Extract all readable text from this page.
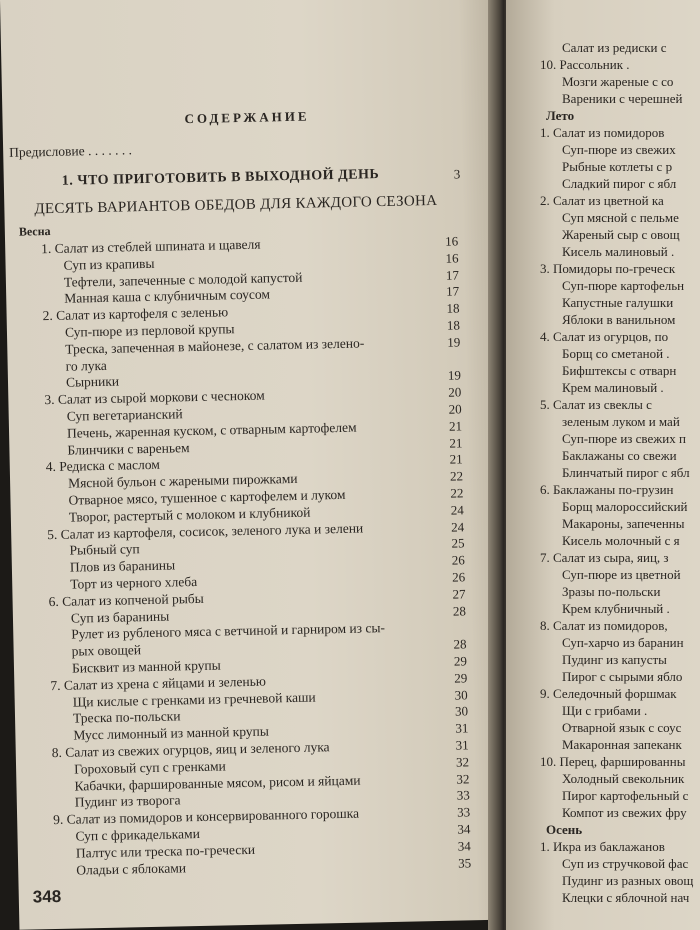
СОДЕРЖАНИЕ
Предисловие . . . . . . .
1. ЧТО ПРИГОТОВИТЬ В ВЫХОДНОЙ ДЕНЬ	3
ДЕСЯТЬ ВАРИАНТОВ ОБЕДОВ ДЛЯ КАЖДОГО СЕЗОНА
Весна
1. Салат из стеблей шпината и щавеля	16
Суп из крапивы	16
Тефтели, запеченные с молодой капустой	17
Манная каша с клубничным соусом	17
2. Салат из картофеля с зеленью	18
Суп-пюре из перловой крупы	18
Треска, запеченная в майонезе, с салатом из зелено-	19
го лука
Сырники	19
3. Салат из сырой моркови с чесноком	20
Суп вегетарианский	20
Печень, жаренная куском, с отварным картофелем	21
Блинчики с вареньем	21
4. Редиска с маслом	21
Мясной бульон с жареными пирожками	22
Отварное мясо, тушенное с картофелем и луком	22
Творог, растертый с молоком и клубникой	24
5. Салат из картофеля, сосисок, зеленого лука и зелени	24
Рыбный суп	25
Плов из баранины	26
Торт из черного хлеба	26
6. Салат из копченой рыбы	27
Суп из баранины	28
Рулет из рубленого мяса с ветчиной и гарниром из сы-
рых овощей	28
Бисквит из манной крупы	29
7. Салат из хрена с яйцами и зеленью	29
Щи кислые с гренками из гречневой каши	30
Треска по-польски	30
Мусс лимонный из манной крупы	31
8. Салат из свежих огурцов, яиц и зеленого лука	31
Гороховый суп с гренками	32
Кабачки, фаршированные мясом, рисом и яйцами	32
Пудинг из творога	33
9. Салат из помидоров и консервированного горошка	33
Суп с фрикадельками	34
Палтус или треска по-гречески	34
Оладьи с яблоками	35
348
Салат из редиски с
10. Рассольник .
Мозги жареные с со
Вареники с черешней
Лето
1. Салат из помидоров
Суп-пюре из свежих
Рыбные котлеты с р
Сладкий пирог с ябл
2. Салат из цветной ка
Суп мясной с пельме
Жареный сыр с овощ
Кисель малиновый .
3. Помидоры по-греческ
Суп-пюре картофельн
Капустные галушки
Яблоки в ванильном
4. Салат из огурцов, по
Борщ со сметаной .
Бифштексы с отварн
Крем малиновый .
5. Салат из свеклы с
зеленым луком и май
Суп-пюре из свежих п
Баклажаны со свежи
Блинчатый пирог с ябл
6. Баклажаны по-грузин
Борщ малороссийский
Макароны, запеченны
Кисель молочный с я
7. Салат из сыра, яиц, з
Суп-пюре из цветной
Зразы по-польски
Крем клубничный .
8. Салат из помидоров,
Суп-харчо из баранин
Пудинг из капусты
Пирог с сырыми ябло
9. Селедочный форшмак
Щи с грибами .
Отварной язык с соус
Макаронная запеканк
10. Перец, фаршированны
Холодный свекольник
Пирог картофельный с
Компот из свежих фру
Осень
1. Икра из баклажанов
Суп из стручковой фас
Пудинг из разных овощ
Клецки с яблочной нач
